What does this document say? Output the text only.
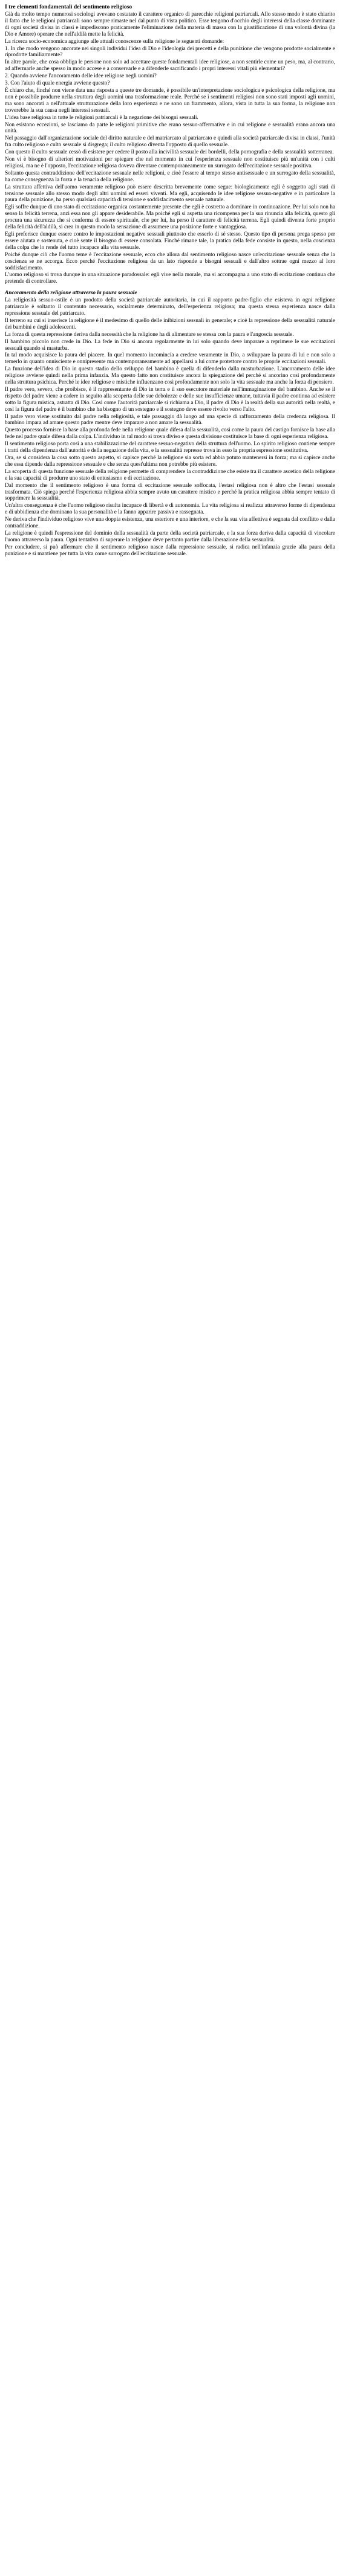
I tre elementi fondamentali del sentimento religioso

Già da molto tempo numerosi sociologi avevano costatato il carattere organico di parecchie religioni patriarcali. Allo stesso modo è stato chiarito il fatto che le religioni patriarcali sono sempre rimaste nel dal punto di vista politico. Esse tengono d'occhio degli interessi della classe dominante di ogni società divisa in classi e impediscono praticamente l'eliminazione della materia di massa con la giustificazione di una volontà divina (la Dio e Amore) operare che nell'aldilà mette la felicità.

La ricerca socio-economica aggiunge alle attuali conoscenze sulla religione le seguenti domande:

1. In che modo vengono ancorate nei singoli individui l'idea di Dio e l'ideologia dei precetti e della punizione che vengono prodotte socialmente e riprodotte familiarmente?

In altre parole, che cosa obbliga le persone non solo ad accettare queste fondamentali idee religiose, a non sentirle come un peso, ma, al contrario, ad affermarle anche spesso in modo accese e a conservarle e a difenderle sacrificando i propri interessi vitali più elementari?

2. Quando avviene l'ancoramento delle idee religiose negli uomini?

3. Con l'aiuto di quale energia avviene questo?

È chiaro che, finché non viene data una risposta a queste tre domande, è possibile un'interpretazione sociologica e psicologica della religione, ma non è possibile produrre nella struttura degli uomini una trasformazione reale. Perché se i sentimenti religiosi non sono stati imposti agli uomini, ma sono ancorati a nell'attuale strutturazione della loro esperienza e ne sono un frammento, allora, vista in tutta la sua forma, la religione non troverebbe la sua causa negli interessi sessuali.

L'idea base religiosa in tutte le religioni patriarcali è la negazione dei bisogni sessuali.

Non esistono eccezioni, se lasciamo da parte le religioni primitive che erano sessuo-affermative e in cui religione e sessualità erano ancora una unità.

Nel passaggio dall'organizzazione sociale del diritto naturale e del matriarcato al patriarcato e quindi alla società patriarcale divisa in classi, l'unità fra culto religioso e culto sessuale si disgrega; il culto religioso diventa l'opposto di quello sessuale.

Con questo il culto sessuale cessò di esistere per cedere il posto alla incivilità sessuale dei bordelli, della pornografia e della sessualità sotterranea.

Non vi è bisogno di ulteriori motivazioni per spiegare che nel momento in cui l'esperienza sessuale non costituisce più un'unità con i culti religiosi, ma ne è l'opposto, l'eccitazione religiosa doveva diventare contemporaneamente un surrogato dell'eccitazione sessuale positiva.

Soltanto questa contraddizione dell'eccitazione sessuale nelle religioni, e cioè l'essere al tempo stesso antisessuale e un surrogato della sessualità, ha come conseguenza la forza e la tenacia della religione.

La struttura affettiva dell'uomo veramente religioso può essere descritta brevemente come segue: biologicamente egli è soggetto agli stati di tensione sessuale allo stesso modo degli altri uomini ed esseri viventi. Ma egli, acquisendo le idee religiose sessuo-negative e in particolare la paura della punizione, ha perso qualsiasi capacità di tensione e soddisfacimento sessuale naturale.

Egli soffre dunque di uno stato di eccitazione organica costantemente presente che egli è costretto a dominare in continuazione. Per lui solo non ha senso la felicità terrena, anzi essa non gli appare desiderabile. Ma poiché egli si aspetta una ricompensa per la sua rinuncia alla felicità, questo gli procura una sicurezza che si conferma di essere spirituale, che per lui, ha perso il carattere di felicità terrena. Egli quindi diventa forte proprio della felicità dell'aldilà, si crea in questo modo la sensazione di assumere una posizione forte e vantaggiosa.

Egli preferisce dunque essere contro le impostazioni negative sessuali piuttosto che esserlo di sé stesso. Questo tipo di persona prega spesso per essere aiutata e sostenuta, e cioè sente il bisogno di essere consolata. Finché rimane tale, la pratica della fede consiste in questo, nella coscienza della colpa che lo rende del tutto incapace alla vita sessuale.

Poiché dunque ciò che l'uomo teme è l'eccitazione sessuale, ecco che allora dal sentimento religioso nasce un'eccitazione sessuale senza che la coscienza se ne accorga. Ecco perché l'eccitazione religiosa da un lato risponde a bisogni sessuali e dall'altro sottrae ogni mezzo al loro soddisfacimento.

L'uomo religioso si trova dunque in una situazione paradossale: egli vive nella morale, ma si accompagna a uno stato di eccitazione continua che pretende di controllare.

Ancoramento della religione attraverso la paura sessuale

La religiosità sessuo-ostile è un prodotto della società patriarcale autoritaria, in cui il rapporto padre-figlio che esisteva in ogni religione patriarcale è soltanto il contenuto necessario, socialmente determinato, dell'esperienza religiosa; ma questa stessa esperienza nasce dalla repressione sessuale del patriarcato.

Il terreno su cui si inserisce la religione è il medesimo di quello delle inibizioni sessuali in generale; e cioè la repressione della sessualità naturale dei bambini e degli adolescenti.

La forza di questa repressione deriva dalla necessità che la religione ha di alimentare se stessa con la paura e l'angoscia sessuale.

Il bambino piccolo non crede in Dio. La fede in Dio si ancora regolarmente in lui solo quando deve imparare a reprimere le sue eccitazioni sessuali quando si masturba.

In tal modo acquisisce la paura del piacere. In quel momento incomincia a credere veramente in Dio, a sviluppare la paura di lui e non solo a temerlo in quanto onnisciente e onnipresente ma contemporaneamente ad appellarsi a lui come protettore contro le proprie eccitazioni sessuali.

La funzione dell'idea di Dio in questo stadio dello sviluppo del bambino è quella di difenderlo dalla masturbazione. L'ancoramento delle idee religiose avviene quindi nella prima infanzia. Ma questo fatto non costituisce ancora la spiegazione del perché si ancorino così profondamente nella struttura psichica. Perché le idee religiose e mistiche influenzano così profondamente non solo la vita sessuale ma anche la forza di pensiero.

Il padre vero, severo, che proibisce, è il rappresentante di Dio in terra e il suo esecutore materiale nell'immaginazione del bambino. Anche se il rispetto del padre viene a cadere in seguito alla scoperta delle sue debolezze e delle sue insufficienze umane, tuttavia il padre continua ad esistere sotto la figura mistica, astratta di Dio. Così come l'autorità patriarcale si richiama a Dio, il padre di Dio è la realtà della sua autorità nella realtà, e così la figura del padre è il bambino che ha bisogno di un sostegno e il sostegno deve essere rivolto verso l'alto.

Il padre vero viene sostituito dal padre nella religiosità, e tale passaggio dà luogo ad una specie di rafforzamento della credenza religiosa. Il bambino impara ad amare questo padre mentre deve imparare a non amare la sessualità.

Questo processo fornisce la base alla profonda fede nella religione quale difesa dalla sessualità, così come la paura del castigo fornisce la base alla fede nel padre quale difesa dalla colpa. L'individuo in tal modo si trova diviso e questa divisione costituisce la base di ogni esperienza religiosa.

Il sentimento religioso porta così a una stabilizzazione del carattere sessuo-negativo della struttura dell'uomo. Lo spirito religioso contiene sempre i tratti della dipendenza dall'autorità e della negazione della vita, e la sessualità represse trova in esso la propria espressione sostitutiva.

Ora, se si considera la cosa sotto questo aspetto, si capisce perché la religione sia sorta ed abbia potuto mantenersi in forza; ma si capisce anche che essa dipende dalla repressione sessuale e che senza quest'ultima non potrebbe più esistere.

La scoperta di questa funzione sessuale della religione permette di comprendere la contraddizione che esiste tra il carattere ascetico della religione e la sua capacità di produrre uno stato di entusiasmo e di eccitazione.

Dal momento che il sentimento religioso è una forma di eccitazione sessuale soffocata, l'estasi religiosa non è altro che l'estasi sessuale trasformata. Ciò spiega perché l'esperienza religiosa abbia sempre avuto un carattere mistico e perché la pratica religiosa abbia sempre tentato di sopprimere la sessualità.

Un'altra conseguenza è che l'uomo religioso risulta incapace di libertà e di autonomia. La vita religiosa si realizza attraverso forme di dipendenza e di ubbidienza che dominano la sua personalità e la fanno apparire passiva e rassegnata.

Ne deriva che l'individuo religioso vive una doppia esistenza, una esteriore e una interiore, e che la sua vita affettiva è segnata dal conflitto e dalla contraddizione.

La religione è quindi l'espressione del dominio della sessualità da parte della società patriarcale, e la sua forza deriva dalla capacità di vincolare l'uomo attraverso la paura. Ogni tentativo di superare la religione deve pertanto partire dalla liberazione della sessualità.

Per concludere, si può affermare che il sentimento religioso nasce dalla repressione sessuale, si radica nell'infanzia grazie alla paura della punizione e si mantiene per tutta la vita come surrogato dell'eccitazione sessuale.
